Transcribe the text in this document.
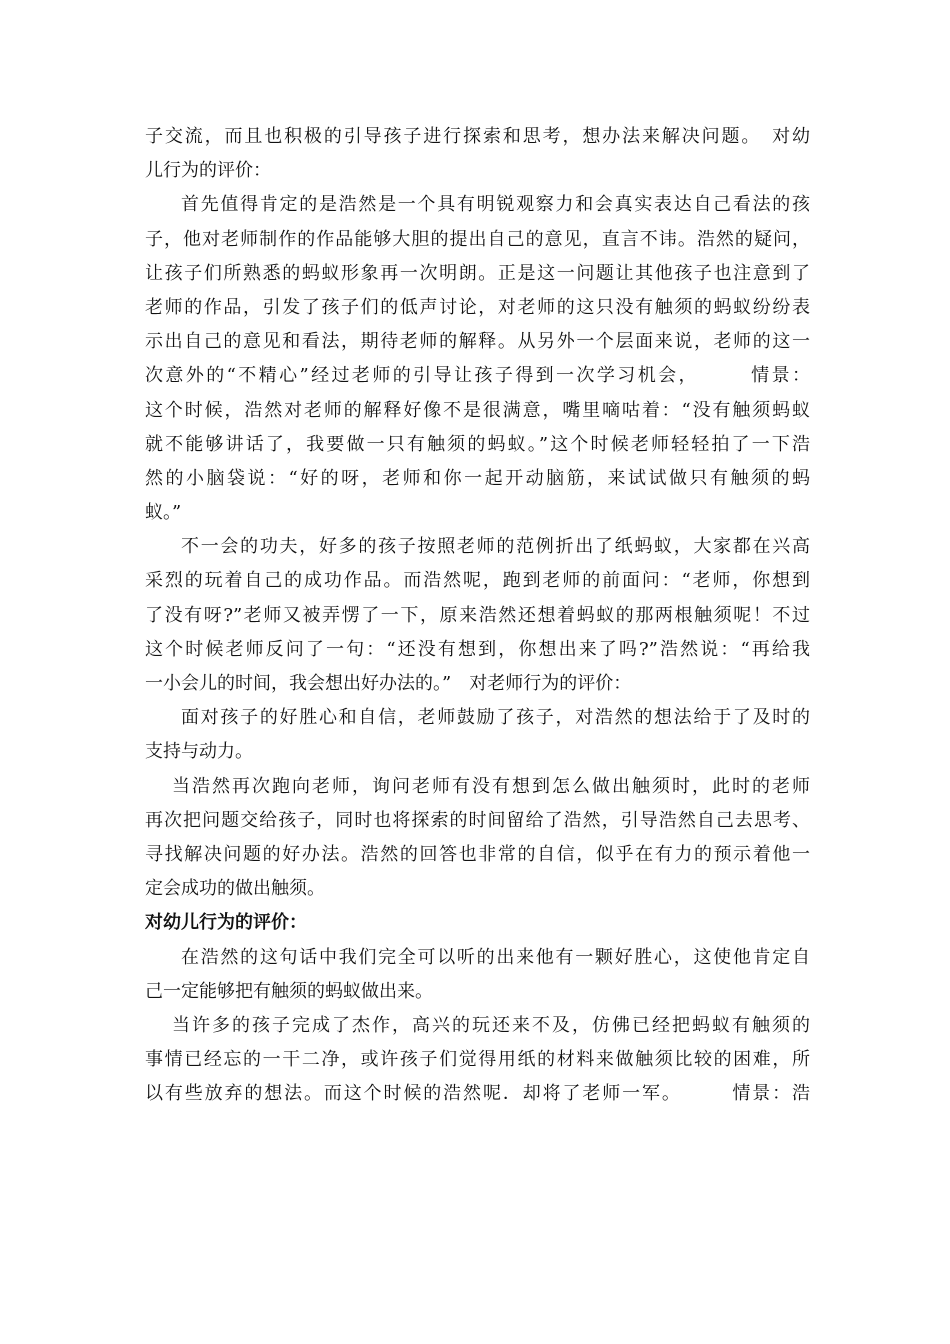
子交流，而且也积极的引导孩子进行探索和思考，想办法来解决问题。　对幼
儿行为的评价：
首先值得肯定的是浩然是一个具有明锐观察力和会真实表达自己看法的孩
子，他对老师制作的作品能够大胆的提出自己的意见，直言不讳。浩然的疑问，
让孩子们所熟悉的蚂蚁形象再一次明朗。正是这一问题让其他孩子也注意到了
老师的作品，引发了孩子们的低声讨论，对老师的这只没有触须的蚂蚁纷纷表
示出自己的意见和看法，期待老师的解释。从另外一个层面来说，老师的这一
次意外的“不精心”经过老师的引导让孩子得到一次学习机会，　　　情景：
这个时候，浩然对老师的解释好像不是很满意，嘴里嘀咕着：“没有触须蚂蚁
就不能够讲话了，我要做一只有触须的蚂蚁。”这个时候老师轻轻拍了一下浩
然的小脑袋说：“好的呀，老师和你一起开动脑筋，来试试做只有触须的蚂
蚁。”
不一会的功夫，好多的孩子按照老师的范例折出了纸蚂蚁，大家都在兴高
采烈的玩着自己的成功作品。而浩然呢，跑到老师的前面问：“老师，你想到
了没有呀?”老师又被弄愣了一下，原来浩然还想着蚂蚁的那两根触须呢！不过
这个时候老师反问了一句：“还没有想到，你想出来了吗?”浩然说：“再给我
一小会儿的时间，我会想出好办法的。”　对老师行为的评价：
面对孩子的好胜心和自信，老师鼓励了孩子，对浩然的想法给于了及时的
支持与动力。
当浩然再次跑向老师，询问老师有没有想到怎么做出触须时，此时的老师
再次把问题交给孩子，同时也将探索的时间留给了浩然，引导浩然自己去思考、
寻找解决问题的好办法。浩然的回答也非常的自信，似乎在有力的预示着他一
定会成功的做出触须。
对幼儿行为的评价：
在浩然的这句话中我们完全可以听的出来他有一颗好胜心，这使他肯定自
己一定能够把有触须的蚂蚁做出来。
当许多的孩子完成了杰作，高兴的玩还来不及，仿佛已经把蚂蚁有触须的
事情已经忘的一干二净，或许孩子们觉得用纸的材料来做触须比较的困难，所
以有些放弃的想法。而这个时候的浩然呢．却将了老师一军。　　　情景：浩
